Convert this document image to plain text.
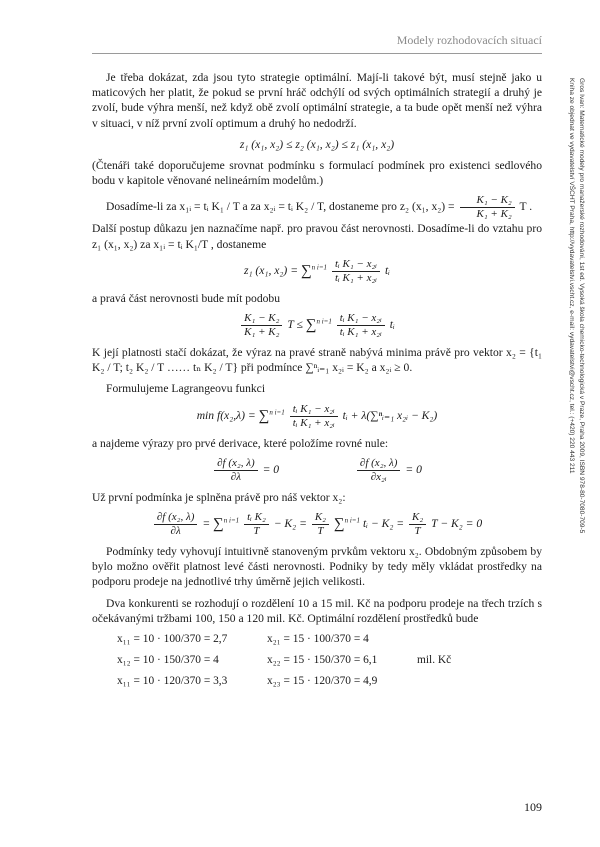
Modely rozhodovacích situací
Gros Ivan: Matematické modely pro manažerské rozhodování, 1st ed. Vysoká škola chemicko-technologická v Praze, Praha 2009, ISBN 978-80-7080-709-5
Kniha ze objednat ve vydavatelství VŠCHT Praha, http://vydavatelstvi.vscht.cz, e-mail: vydavatelstvi@vscht.cz, tel.: (+420) 220 443 211

Je třeba dokázat, zda jsou tyto strategie optimální. Mají-li takové být, musí stejně jako u maticových her platit, že pokud se první hráč odchýlí od svých optimálních strategií a druhý je zvolí, bude výhra menší, než když obě zvolí optimální strategie, a ta bude opět menší než výhra v situaci, v níž první zvolí optimum a druhý ho nedodrží.

z₁ (x₁, x₂) ≤ z₂ (x₁, x₂) ≤ z₁ (x₁, x₂)

(Čtenáři také doporučujeme srovnat podmínku s formulací podmínek pro existenci sedlového bodu v kapitole věnované nelineárním modelům.)

Dosadíme-li za x₁ᵢ = tᵢ K₁ / T a za x₂ᵢ = tᵢ K₂ / T, dostaneme pro z₂ (x₁, $x_2) = \frac{\text{K₁ − K₂}}{\text{K₁ + K₂}}$ T .

Další postup důkazu jen naznačíme např. pro pravou část nerovnosti. Dosadíme-li do vztahu pro z₁ (x₁, x₂) za x₁ᵢ = tᵢ K₁/T , dostaneme

z₁ (x₁, $x_2) = \sum^{n i=1} \frac{\text{tᵢ K₁ − x₂ᵢ}}{\text{tᵢ K₁ + x₂ᵢ}}$ tᵢ

a pravá část nerovnosti bude mít podobu

$\frac{\text{K₁ − K₂}}{\text{K₁ + K₂}}$ $T \le \sum^{n i=1} \frac{\text{tᵢ K₁ − x₂ᵢ}}{\text{tᵢ K₁ + x₂ᵢ}}$ tᵢ

K její platnosti stačí dokázat, že výraz na pravé straně nabývá minima právě pro vektor x₂ = {t₁ K₂ / T; t₂ K₂ / T …… tₙ K₂ / T} při podmínce ∑ⁿᵢ₌₁ x₂ᵢ = K₂ a x₂ᵢ ≥ 0.

Formulujeme Lagrangeovu funkci

$\min f(x_2,\lambda) = \sum^{n i=1} \frac{\text{tᵢ K₁ − x₂ᵢ}}{\text{tᵢ K₁ + x₂ᵢ}}$ tᵢ + λ(∑ⁿᵢ₌₁ x₂ᵢ − K₂)

a najdeme výrazy pro prvé derivace, které položíme rovné nule:

$\frac{\text{∂f (x₂, λ)}}{\partial\lambda} = 0$	$\frac{\text{∂f (x₂, λ)}}{\text{∂x₂ᵢ}} = 0$

Už první podmínka je splněna právě pro náš vektor x₂:

$\frac{\text{∂f (x₂, λ)}}{\partial\lambda} = \sum^{n i=1} \frac{\text{tᵢ K₂}}{T} - K_2 = \frac{\text{K₂}}{T} \sum^{n i=1}$ tᵢ − $K_2 = \frac{\text{K₂}}{T}$ T − K₂ = 0

Podmínky tedy vyhovují intuitivně stanoveným prvkům vektoru x₂. Obdobným způsobem by bylo možno ověřit platnost levé části nerovnosti. Podniky by tedy měly vkládat prostředky na podporu prodeje na jednotlivé trhy úměrně jejich velikosti.

Dva konkurenti se rozhodují o rozdělení 10 a 15 mil. Kč na podporu prodeje na třech trzích s očekávanými tržbami 100, 150 a 120 mil. Kč. Optimální rozdělení prostředků bude

x₁₁ = 10 · 100/370 = 2,7	x₂₁ = 15 · 100/370 = 4
x₁₂ = 10 · 150/370 = 4	x₂₂ = 15 · 150/370 = 6,1	mil. Kč
x₁₁ = 10 · 120/370 = 3,3	x₂₃ = 15 · 120/370 = 4,9
109
